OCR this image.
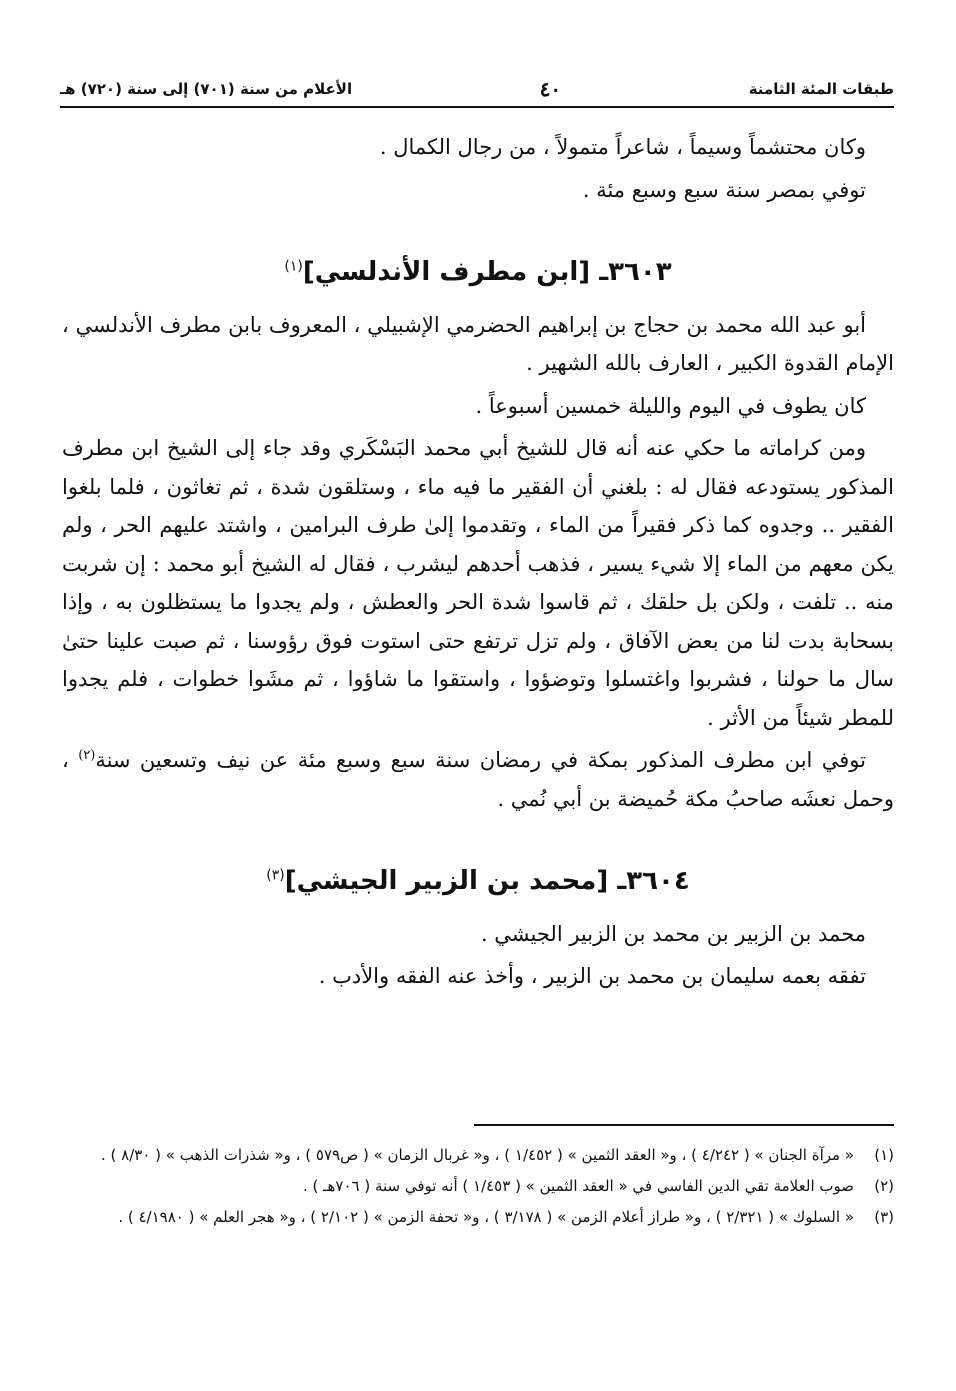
طبقات المئة الثامنة
٤٠
الأعلام من سنة (٧٠١) إلى سنة (٧٢٠) هـ

وكان محتشماً وسيماً ، شاعراً متمولاً ، من رجال الكمال .

توفي بمصر سنة سبع وسبع مئة .

٣٦٠٣ـ [ابن مطرف الأندلسي]$^{(١)}$

أبو عبد الله محمد بن حجاج بن إبراهيم الحضرمي الإشبيلي ، المعروف بابن مطرف الأندلسي ، الإمام القدوة الكبير ، العارف بالله الشهير .

كان يطوف في اليوم والليلة خمسين أسبوعاً .

ومن كراماته ما حكي عنه أنه قال للشيخ أبي محمد البَسْكَري وقد جاء إلى الشيخ ابن مطرف المذكور يستودعه فقال له : بلغني أن الفقير ما فيه ماء ، وستلقون شدة ، ثم تغاثون ، فلما بلغوا الفقير .. وجدوه كما ذكر فقيراً من الماء ، وتقدموا إلىٰ طرف البرامين ، واشتد عليهم الحر ، ولم يكن معهم من الماء إلا شيء يسير ، فذهب أحدهم ليشرب ، فقال له الشيخ أبو محمد : إن شربت منه .. تلفت ، ولكن بل حلقك ، ثم قاسوا شدة الحر والعطش ، ولم يجدوا ما يستظلون به ، وإذا بسحابة بدت لنا من بعض الآفاق ، ولم تزل ترتفع حتى استوت فوق رؤوسنا ، ثم صبت علينا حتىٰ سال ما حولنا ، فشربوا واغتسلوا وتوضؤوا ، واستقوا ما شاؤوا ، ثم مشَوا خطوات ، فلم يجدوا للمطر شيئاً من الأثر .

توفي ابن مطرف المذكور بمكة في رمضان سنة سبع وسبع مئة عن نيف وتسعين سنة$^{(٢)}$ ، وحمل نعشَه صاحبُ مكة حُميضة بن أبي نُمي .

٣٦٠٤ـ [محمد بن الزبير الجيشي]$^{(٣)}$

محمد بن الزبير بن محمد بن الزبير الجيشي .

تفقه بعمه سليمان بن محمد بن الزبير ، وأخذ عنه الفقه والأدب .

(١)
« مرآة الجنان » ( ٤/٢٤٢ ) ، و« العقد الثمين » ( ١/٤٥٢ ) ، و« غربال الزمان » ( ص٥٧٩ ) ، و« شذرات الذهب » ( ٨/٣٠ ) .
(٢)
صوب العلامة تقي الدين الفاسي في « العقد الثمين » ( ١/٤٥٣ ) أنه توفي سنة ( ٧٠٦هـ ) .
(٣)
« السلوك » ( ٢/٣٢١ ) ، و« طراز أعلام الزمن » ( ٣/١٧٨ ) ، و« تحفة الزمن » ( ٢/١٠٢ ) ، و« هجر العلم » ( ٤/١٩٨٠ ) .
